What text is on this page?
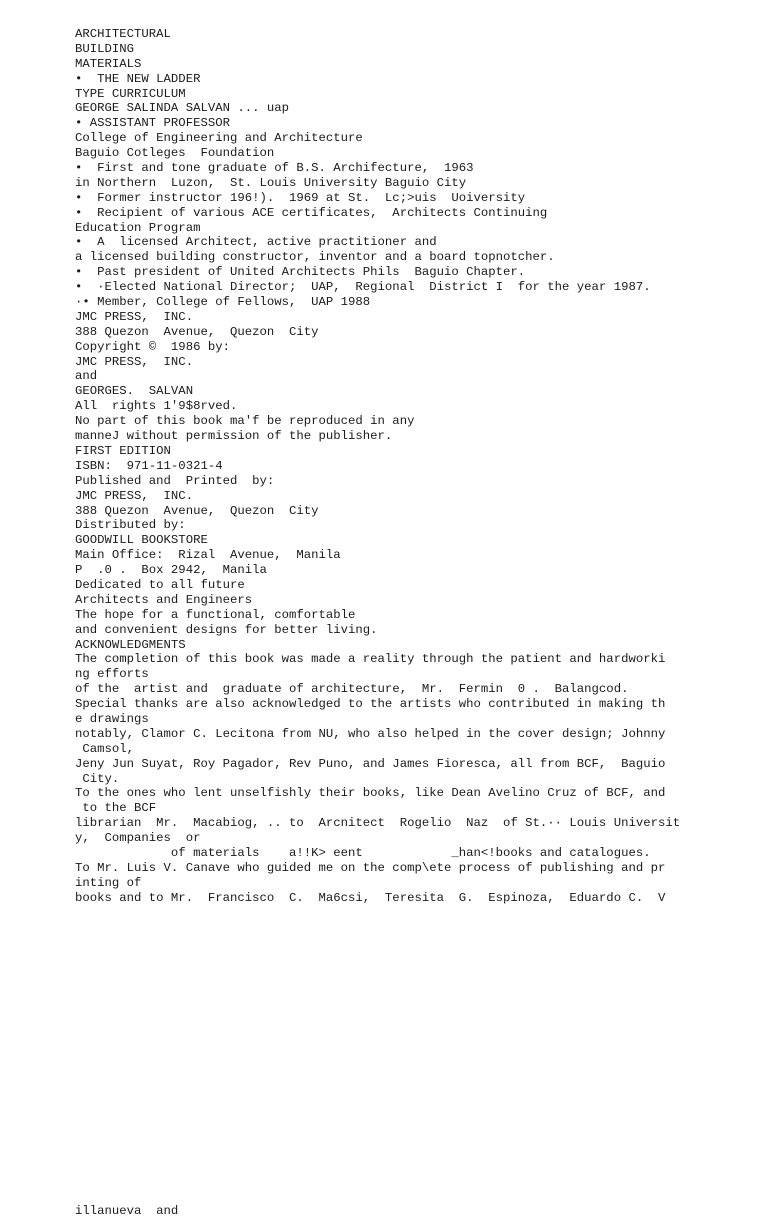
ARCHITECTURAL
BUILDING
MATERIALS
•  THE NEW LADDER
TYPE CURRICULUM
GEORGE SALINDA SALVAN ... uap
• ASSISTANT PROFESSOR
College of Engineering and Architecture
Baguio Cotleges  Foundation
•  First and tone graduate of B.S. Archifecture,  1963
in Northern  Luzon,  St. Louis University Baguio City
•  Former instructor 196!).  1969 at St.  Lc;>uis  Uoiversity
•  Recipient of various ACE certificates,  Architects Continuing
Education Program
•  A  licensed Architect, active practitioner and
a licensed building constructor, inventor and a board topnotcher.
•  Past president of United Architects Phils  Baguio Chapter.
•  ·Elected National Director;  UAP,  Regional  District I  for the year 1987.
·• Member, College of Fellows,  UAP 1988
JMC PRESS,  INC.
388 Quezon  Avenue,  Quezon  City
Copyright ©  1986 by:
JMC PRESS,  INC.
and
GEORGES.  SALVAN
All  rights 1'9$8rved.
No part of this book ma'f be reproduced in any
manneJ without permission of the publisher.
FIRST EDITION
ISBN:  971-11-0321-4
Published and  Printed  by:
JMC PRESS,  INC.
388 Quezon  Avenue,  Quezon  City
Distributed by:
GOODWILL BOOKSTORE
Main Office:  Rizal  Avenue,  Manila
P  .0 .  Box 2942,  Manila
Dedicated to all future
Architects and Engineers
The hope for a functional, comfortable
and convenient designs for better living.
ACKNOWLEDGMENTS
The completion of this book was made a reality through the patient and hardworki
ng efforts
of the  artist and  graduate of architecture,  Mr.  Fermin  0 .  Balangcod.
Special thanks are also acknowledged to the artists who contributed in making th
e drawings
notably, Clamor C. Lecitona from NU, who also helped in the cover design; Johnny
Camsol,
Jeny Jun Suyat, Roy Pagador, Rev Puno, and James Fioresca, all from BCF,  Baguio
City.
To the ones who lent unselfishly their books, like Dean Avelino Cruz of BCF, and
to the BCF
librarian  Mr.  Macabiog, .. to  Arcnitect  Rogelio  Naz  of St.·· Louis Universit
y,  Companies  or
of materials    a!!K> eent            _han<!books and catalogues.
To Mr. Luis V. Canave who guided me on the comp\ete process of publishing and pr
inting of
books and to Mr.  Francisco  C.  Ma6csi,  Teresita  G.  Espinoza,  Eduardo C.  V
illanueva  and
